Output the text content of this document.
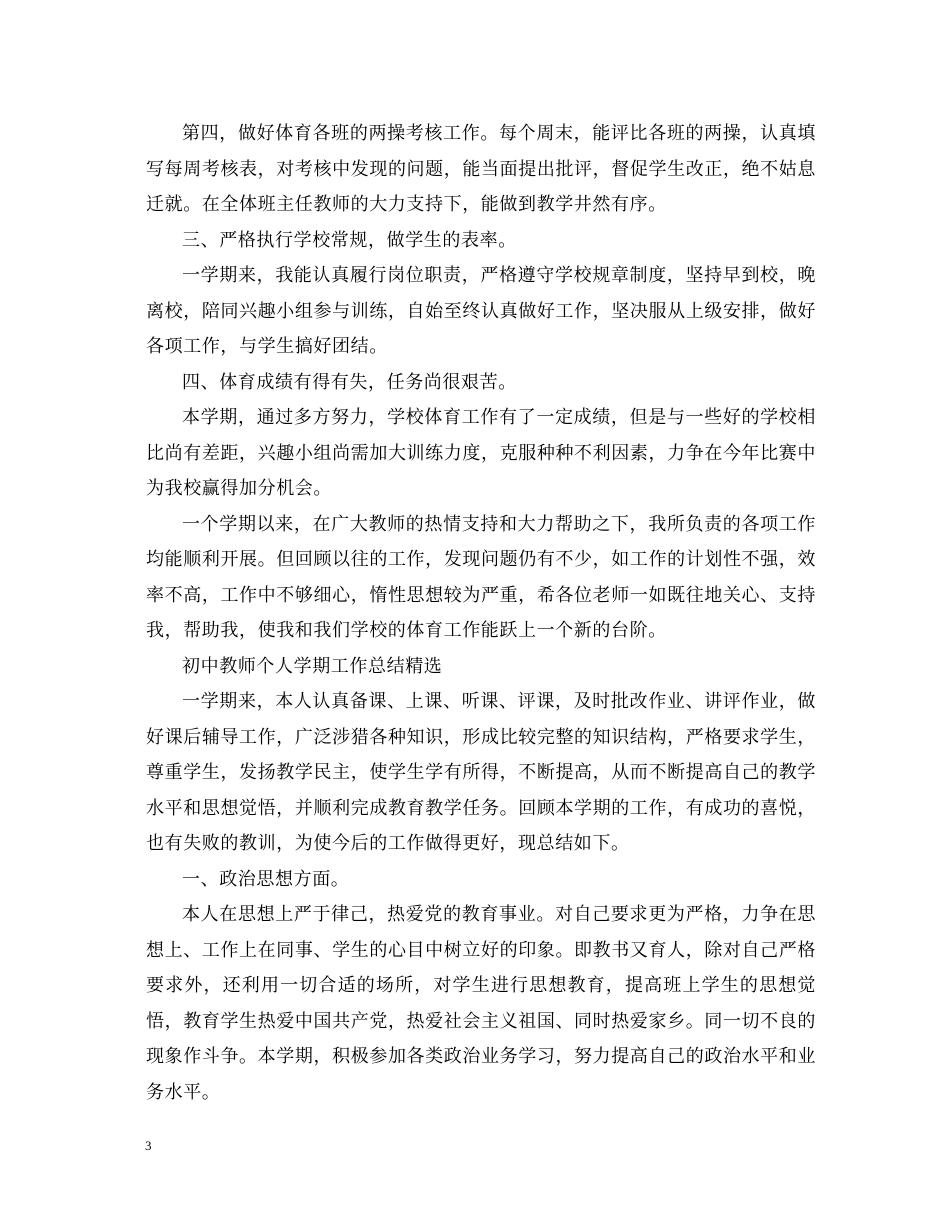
第四，做好体育各班的两操考核工作。每个周末，能评比各班的两操，认真填写每周考核表，对考核中发现的问题，能当面提出批评，督促学生改正，绝不姑息迁就。在全体班主任教师的大力支持下，能做到教学井然有序。

三、严格执行学校常规，做学生的表率。

一学期来，我能认真履行岗位职责，严格遵守学校规章制度，坚持早到校，晚离校，陪同兴趣小组参与训练，自始至终认真做好工作，坚决服从上级安排，做好各项工作，与学生搞好团结。

四、体育成绩有得有失，任务尚很艰苦。

本学期，通过多方努力，学校体育工作有了一定成绩，但是与一些好的学校相比尚有差距，兴趣小组尚需加大训练力度，克服种种不利因素，力争在今年比赛中为我校赢得加分机会。

一个学期以来，在广大教师的热情支持和大力帮助之下，我所负责的各项工作均能顺利开展。但回顾以往的工作，发现问题仍有不少，如工作的计划性不强，效率不高，工作中不够细心，惰性思想较为严重，希各位老师一如既往地关心、支持我，帮助我，使我和我们学校的体育工作能跃上一个新的台阶。

初中教师个人学期工作总结精选

一学期来，本人认真备课、上课、听课、评课，及时批改作业、讲评作业，做好课后辅导工作，广泛涉猎各种知识，形成比较完整的知识结构，严格要求学生，尊重学生，发扬教学民主，使学生学有所得，不断提高，从而不断提高自己的教学水平和思想觉悟，并顺利完成教育教学任务。回顾本学期的工作，有成功的喜悦，也有失败的教训，为使今后的工作做得更好，现总结如下。

一、政治思想方面。

本人在思想上严于律己，热爱党的教育事业。对自己要求更为严格，力争在思想上、工作上在同事、学生的心目中树立好的印象。即教书又育人，除对自己严格要求外，还利用一切合适的场所，对学生进行思想教育，提高班上学生的思想觉悟，教育学生热爱中国共产党，热爱社会主义祖国、同时热爱家乡。同一切不良的现象作斗争。本学期，积极参加各类政治业务学习，努力提高自己的政治水平和业务水平。

3
